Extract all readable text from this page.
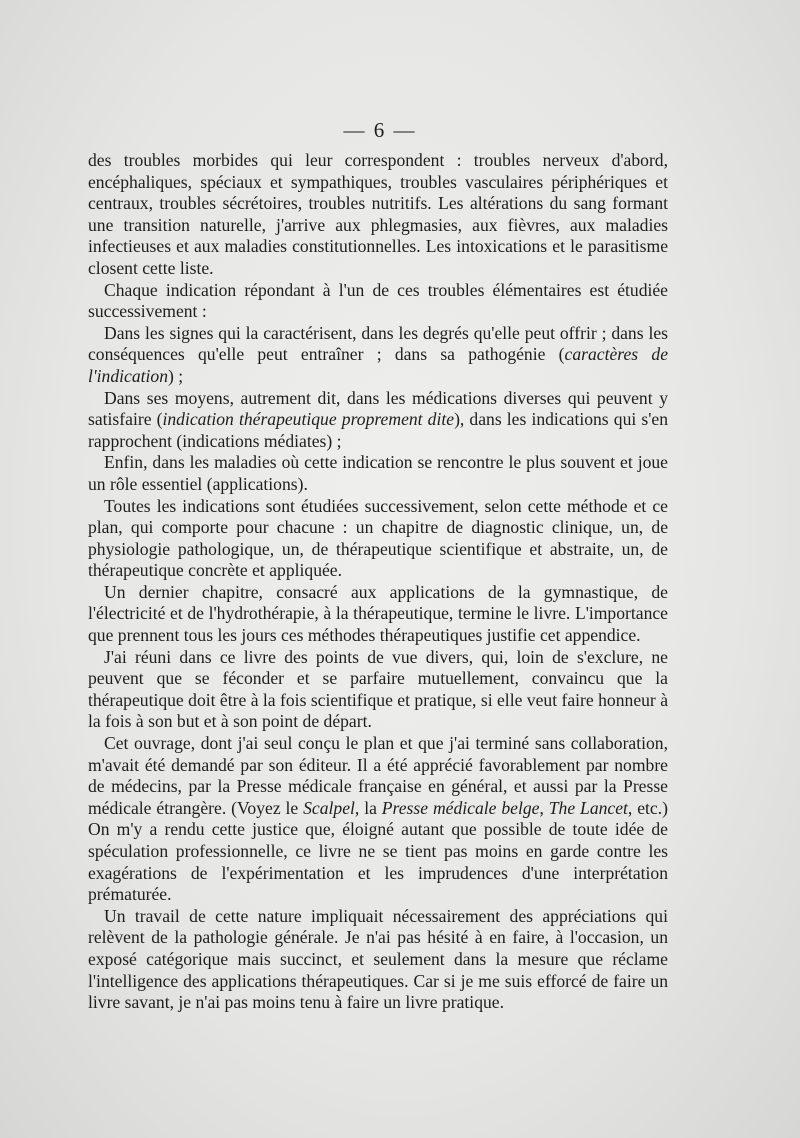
— 6 —

des troubles morbides qui leur correspondent : troubles nerveux d'abord, encéphaliques, spéciaux et sympathiques, troubles vasculaires périphériques et centraux, troubles sécrétoires, troubles nutritifs. Les altérations du sang formant une transition naturelle, j'arrive aux phlegmasies, aux fièvres, aux maladies infectieuses et aux maladies constitutionnelles. Les intoxications et le parasitisme closent cette liste.

Chaque indication répondant à l'un de ces troubles élémentaires est étudiée successivement :

Dans les signes qui la caractérisent, dans les degrés qu'elle peut offrir ; dans les conséquences qu'elle peut entraîner ; dans sa pathogénie (caractères de l'indication) ;

Dans ses moyens, autrement dit, dans les médications diverses qui peuvent y satisfaire (indication thérapeutique proprement dite), dans les indications qui s'en rapprochent (indications médiates) ;

Enfin, dans les maladies où cette indication se rencontre le plus souvent et joue un rôle essentiel (applications).

Toutes les indications sont étudiées successivement, selon cette méthode et ce plan, qui comporte pour chacune : un chapitre de diagnostic clinique, un, de physiologie pathologique, un, de thérapeutique scientifique et abstraite, un, de thérapeutique concrète et appliquée.

Un dernier chapitre, consacré aux applications de la gymnastique, de l'électricité et de l'hydrothérapie, à la thérapeutique, termine le livre. L'importance que prennent tous les jours ces méthodes thérapeutiques justifie cet appendice.

J'ai réuni dans ce livre des points de vue divers, qui, loin de s'exclure, ne peuvent que se féconder et se parfaire mutuellement, convaincu que la thérapeutique doit être à la fois scientifique et pratique, si elle veut faire honneur à la fois à son but et à son point de départ.

Cet ouvrage, dont j'ai seul conçu le plan et que j'ai terminé sans collaboration, m'avait été demandé par son éditeur. Il a été apprécié favorablement par nombre de médecins, par la Presse médicale française en général, et aussi par la Presse médicale étrangère. (Voyez le Scalpel, la Presse médicale belge, The Lancet, etc.) On m'y a rendu cette justice que, éloigné autant que possible de toute idée de spéculation professionnelle, ce livre ne se tient pas moins en garde contre les exagérations de l'expérimentation et les imprudences d'une interprétation prématurée.

Un travail de cette nature impliquait nécessairement des appréciations qui relèvent de la pathologie générale. Je n'ai pas hésité à en faire, à l'occasion, un exposé catégorique mais succinct, et seulement dans la mesure que réclame l'intelligence des applications thérapeutiques. Car si je me suis efforcé de faire un livre savant, je n'ai pas moins tenu à faire un livre pratique.
